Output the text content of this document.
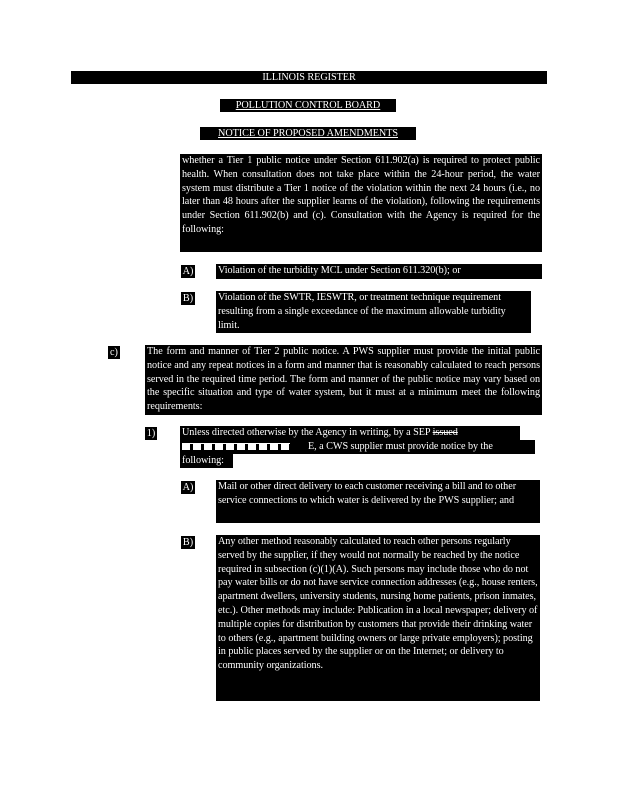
ILLINOIS REGISTER
POLLUTION CONTROL BOARD
NOTICE OF PROPOSED AMENDMENTS
whether a Tier 1 public notice under Section 611.902(a) is required to protect public health. When consultation does not take place within the 24-hour period, the water system must distribute a Tier 1 notice of the violation within the next 24 hours (i.e., no later than 48 hours after the supplier learns of the violation), following the requirements under Section 611.902(b) and (c). Consultation with the Agency is required for the following:
A) Violation of the turbidity MCL under Section 611.320(b); or
B) Violation of the SWTR, IESWTR, or treatment technique requirement resulting from a single exceedance of the maximum allowable turbidity limit.
c)	The form and manner of Tier 2 public notice. A PWS supplier must provide the initial public notice and any repeat notices in a form and manner that is reasonably calculated to reach persons served in the required time period. The form and manner of the public notice may vary based on the specific situation and type of water system, but it must at a minimum meet the following requirements:
1)	Unless directed otherwise by the Agency in writing, by a SEP issued
E, a CWS supplier must provide notice by the
following:
A) Mail or other direct delivery to each customer receiving a bill and to other service connections to which water is delivered by the PWS supplier; and
B) Any other method reasonably calculated to reach other persons regularly served by the supplier, if they would not normally be reached by the notice required in subsection (c)(1)(A). Such persons may include those who do not pay water bills or do not have service connection addresses (e.g., house renters, apartment dwellers, university students, nursing home patients, prison inmates, etc.). Other methods may include: Publication in a local newspaper; delivery of multiple copies for distribution by customers that provide their drinking water to others (e.g., apartment building owners or large private employers); posting in public places served by the supplier or on the Internet; or delivery to community organizations.
